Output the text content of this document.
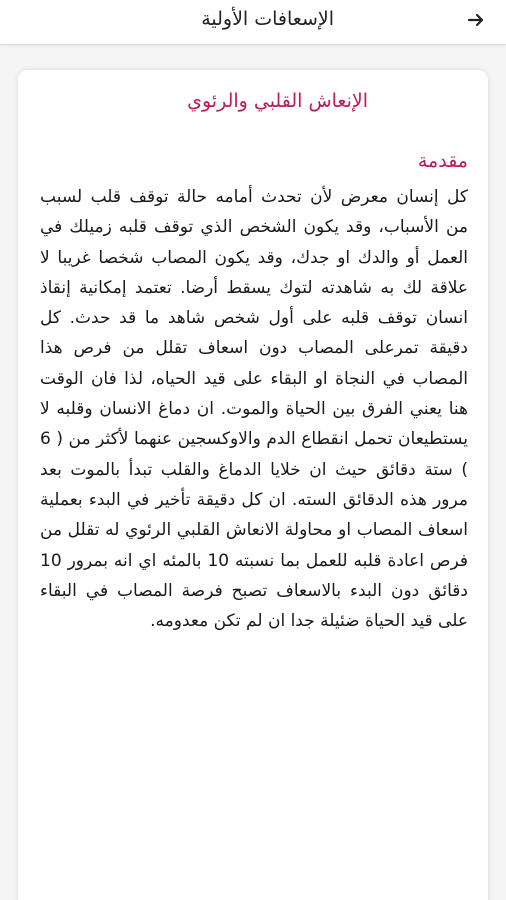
الإسعافات الأولية
الإنعاش القلبي والرئوي
مقدمة
كل إنسان معرض لأن تحدث أمامه حالة توقف قلب لسبب من الأسباب، وقد يكون الشخص الذي توقف قلبه زميلك في العمل أو والدك او جدك، وقد يكون المصاب شخصا غريبا لا علاقة لك به شاهدته لتوك يسقط أرضا. تعتمد إمكانية إنقاذ انسان توقف قلبه على أول شخص شاهد ما قد حدث. كل دقيقة تمرعلى المصاب دون اسعاف تقلل من فرص هذا المصاب في النجاة او البقاء على قيد الحياه، لذا فان الوقت هنا يعني الفرق بين الحياة والموت. ان دماغ الانسان وقلبه لا يستطيعان تحمل انقطاع الدم والاوكسجين عنهما لأكثر من ( 6 ) ستة دقائق حيث ان خلايا الدماغ والقلب تبدأ بالموت بعد مرور هذه الدقائق السته. ان كل دقيقة تأخير في البدء بعملية اسعاف المصاب او محاولة الانعاش القلبي الرئوي له تقلل من فرص اعادة قلبه للعمل بما نسبته 10 بالمئه اي انه بمرور 10 دقائق دون البدء بالاسعاف تصبح فرصة المصاب في البقاء على قيد الحياة ضئيلة جدا ان لم تكن معدومه.
